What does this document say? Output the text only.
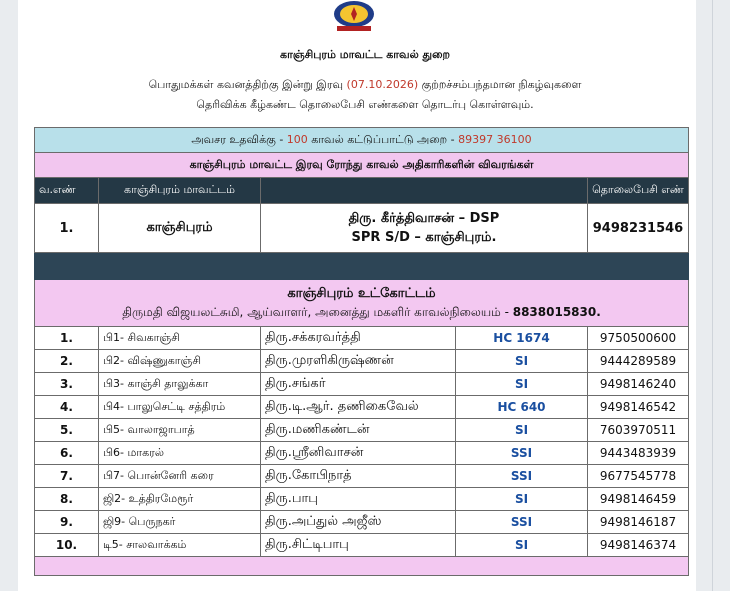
காஞ்சிபுரம் மாவட்ட காவல் துறை
பொதுமக்கள் கவனத்திற்கு இன்று இரவு (07.10.2026) குற்றச்சம்பந்தமான நிகழ்வுகளை
தெரிவிக்க கீழ்கண்ட தொலைபேசி எண்களை தொடர்பு கொள்ளவும்.
அவசர உதவிக்கு - 100 காவல் கட்டுப்பாட்டு அறை - 89397 36100				
காஞ்சிபுரம் மாவட்ட இரவு ரோந்து காவல் அதிகாரிகளின் விவரங்கள்				
வ.எண்	காஞ்சிபுரம் மாவட்டம்			தொலைபேசி எண்
1.	காஞ்சிபுரம்	திரு. கீர்த்திவாசன் – DSP
SPR S/D – காஞ்சிபுரம்.		9498231546

காஞ்சிபுரம் உட்கோட்டம்
திருமதி விஜயலட்சுமி, ஆய்வாளர், அனைத்து மகளிர் காவல்நிலையம் - 8838015830.				

1.	பி1- சிவகாஞ்சி	திரு.சக்கரவர்த்தி	HC 1674	9750500600
2.	பி2- விஷ்ணுகாஞ்சி	திரு.முரளிகிருஷ்ணன்	SI	9444289589
3.	பி3- காஞ்சி தாலுக்கா	திரு.சங்கர்	SI	9498146240
4.	பி4- பாலுசெட்டி சத்திரம்	திரு.டி.ஆர். தணிகைவேல்	HC 640	9498146542
5.	பி5- வாலாஜாபாத்	திரு.மணிகண்டன்	SI	7603970511
6.	பி6- மாகரல்	திரு.ஸ்ரீனிவாசன்	SSI	9443483939
7.	பி7- பொன்னேரி கரை	திரு.கோபிநாத்	SSI	9677545778
8.	ஜி2- உத்திரமேரூர்	திரு.பாபு	SI	9498146459
9.	ஜி9- பெருநகர்	திரு.அப்துல் அஜீஸ்	SSI	9498146187
10.	டி5- சாலவாக்கம்	திரு.சிட்டிபாபு	SI	9498146374
